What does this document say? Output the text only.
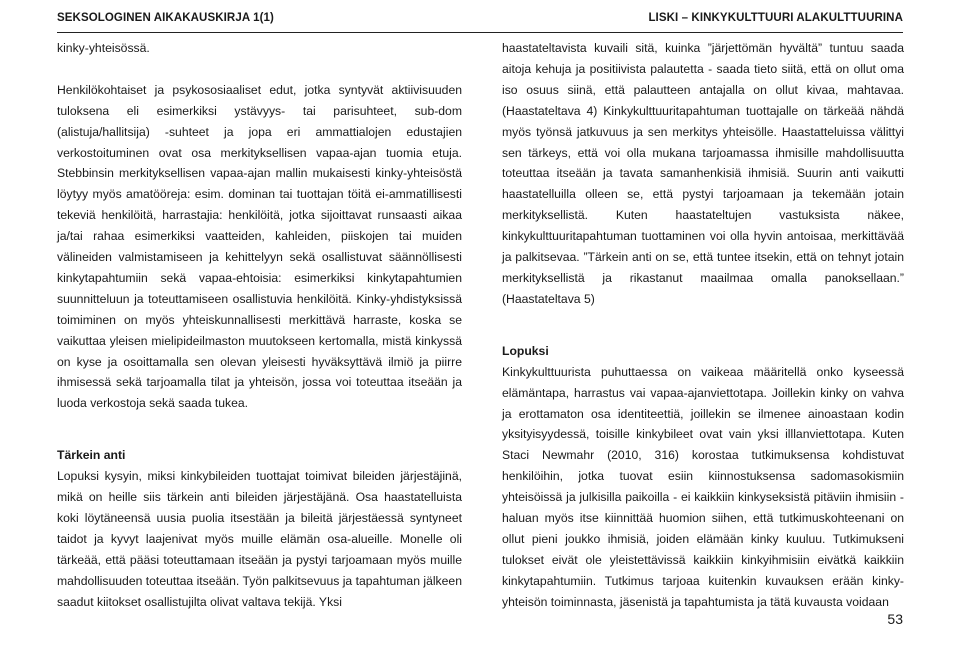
SEKSOLOGINEN AIKAKAUSKIRJA 1(1)	LISKI – KINKYKULTTUURI ALAKULTTUURINA

kinky-yhteisössä.

Henkilökohtaiset ja psykososiaaliset edut, jotka syntyvät aktiivisuuden tuloksena eli esimerkiksi ystävyys- tai parisuhteet, sub-dom (alistuja/hallitsija) -suhteet ja jopa eri ammattialojen edustajien verkostoituminen ovat osa merkityksellisen vapaa-ajan tuomia etuja. Stebbinsin merkityksellisen vapaa-ajan mallin mukaisesti kinky-yhteisöstä löytyy myös amatööreja: esim. dominan tai tuottajan töitä ei-ammatillisesti tekeviä henkilöitä, harrastajia: henkilöitä, jotka sijoittavat runsaasti aikaa ja/tai rahaa esimerkiksi vaatteiden, kahleiden, piiskojen tai muiden välineiden valmistamiseen ja kehittelyyn sekä osallistuvat säännöllisesti kinkytapahtumiin sekä vapaa-ehtoisia: esimerkiksi kinkytapahtumien suunnitteluun ja toteuttamiseen osallistuvia henkilöitä. Kinky-yhdistyksissä toimiminen on myös yhteiskunnallisesti merkittävä harraste, koska se vaikuttaa yleisen mielipideilmaston muutokseen kertomalla, mistä kinkyssä on kyse ja osoittamalla sen olevan yleisesti hyväksyttävä ilmiö ja piirre ihmisessä sekä tarjoamalla tilat ja yhteisön, jossa voi toteuttaa itseään ja luoda verkostoja sekä saada tukea.

Tärkein anti

Lopuksi kysyin, miksi kinkybileiden tuottajat toimivat bileiden järjestäjinä, mikä on heille siis tärkein anti bileiden järjestäjänä. Osa haastatelluista koki löytäneensä uusia puolia itsestään ja bileitä järjestäessä syntyneet taidot ja kyvyt laajenivat myös muille elämän osa-alueille. Monelle oli tärkeää, että pääsi toteuttamaan itseään ja pystyi tarjoamaan myös muille mahdollisuuden toteuttaa itseään. Työn palkitsevuus ja tapahtuman jälkeen saadut kiitokset osallistujilta olivat valtava tekijä. Yksi

haastateltavista kuvaili sitä, kuinka ”järjettömän hyvältä” tuntuu saada aitoja kehuja ja positiivista palautetta - saada tieto siitä, että on ollut oma iso osuus siinä, että palautteen antajalla on ollut kivaa, mahtavaa. (Haastateltava 4) Kinkykulttuuritapahtuman tuottajalle on tärkeää nähdä myös työnsä jatkuvuus ja sen merkitys yhteisölle. Haastatteluissa välittyi sen tärkeys, että voi olla mukana tarjoamassa ihmisille mahdollisuutta toteuttaa itseään ja tavata samanhenkisiä ihmisiä. Suurin anti vaikutti haastatelluilla olleen se, että pystyi tarjoamaan ja tekemään jotain merkityksellistä. Kuten haastateltujen vastuksista näkee, kinkykulttuuritapahtuman tuottaminen voi olla hyvin antoisaa, merkittävää ja palkitsevaa. ”Tärkein anti on se, että tuntee itsekin, että on tehnyt jotain merkityksellistä ja rikastanut maailmaa omalla panoksellaan.” (Haastateltava 5)

Lopuksi

Kinkykulttuurista puhuttaessa on vaikeaa määritellä onko kyseessä elämäntapa, harrastus vai vapaa-ajanviettotapa. Joillekin kinky on vahva ja erottamaton osa identiteettiä, joillekin se ilmenee ainoastaan kodin yksityisyydessä, toisille kinkybileet ovat vain yksi illlanviettotapa. Kuten Staci Newmahr (2010, 316) korostaa tutkimuksensa kohdistuvat henkilöihin, jotka tuovat esiin kiinnostuksensa sadomasokismiin yhteisöissä ja julkisilla paikoilla - ei kaikkiin kinkyseksistä pitäviin ihmisiin - haluan myös itse kiinnittää huomion siihen, että tutkimuskohteenani on ollut pieni joukko ihmisiä, joiden elämään kinky kuuluu. Tutkimukseni tulokset eivät ole yleistettävissä kaikkiin kinkyihmisiin eivätkä kaikkiin kinkytapahtumiin. Tutkimus tarjoaa kuitenkin kuvauksen erään kinky-yhteisön toiminnasta, jäsenistä ja tapahtumista ja tätä kuvausta voidaan

53
